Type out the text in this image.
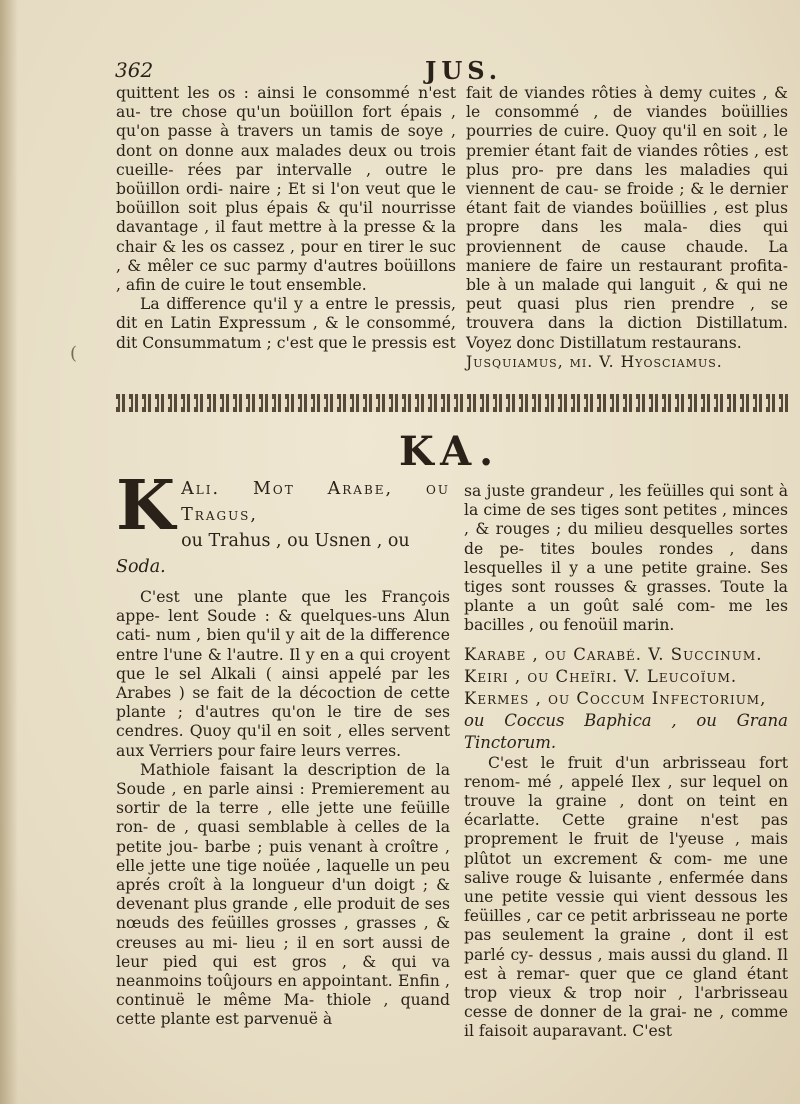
362	JUS.
(

quittent les os : ainsi le consommé n'est au- tre chose qu'un boüillon fort épais , qu'on passe à travers un tamis de soye , dont on donne aux malades deux ou trois cueille- rées par intervalle , outre le boüillon ordi- naire ; Et si l'on veut que le boüillon soit plus épais & qu'il nourrisse davantage , il faut mettre à la presse & la chair & les os cassez , pour en tirer le suc , & mêler ce suc parmy d'autres boüillons , afin de cuire le tout ensemble.

La difference qu'il y a entre le pressis, dit en Latin Expressum , & le consommé, dit Consummatum ; c'est que le pressis est

fait de viandes rôties à demy cuites , & le consommé , de viandes boüillies pourries de cuire. Quoy qu'il en soit , le premier étant fait de viandes rôties , est plus pro- pre dans les maladies qui viennent de cau- se froide ; & le dernier étant fait de viandes boüillies , est plus propre dans les mala- dies qui proviennent de cause chaude. La maniere de faire un restaurant profita- ble à un malade qui languit , & qui ne peut quasi plus rien prendre , se trouvera dans la diction Distillatum. Voyez donc Distillatum restaurans.

Jusquiamus, mi. V. Hyosciamus.

KA.
K Ali. Mot Arabe, ou Tragus,
ou Trahus , ou Usnen , ou
Soda.

C'est une plante que les François appe- lent Soude : & quelques-uns Alun cati- num , bien qu'il y ait de la difference entre l'une & l'autre. Il y en a qui croyent que le sel Alkali ( ainsi appelé par les Arabes ) se fait de la décoction de cette plante ; d'autres qu'on le tire de ses cendres. Quoy qu'il en soit , elles servent aux Verriers pour faire leurs verres.

Mathiole faisant la description de la Soude , en parle ainsi : Premierement au sortir de la terre , elle jette une feüille ron- de , quasi semblable à celles de la petite jou- barbe ; puis venant à croître , elle jette une tige noüée , laquelle un peu aprés croît à la longueur d'un doigt ; & devenant plus grande , elle produit de ses nœuds des feüilles grosses , grasses , & creuses au mi- lieu ; il en sort aussi de leur pied qui est gros , & qui va neanmoins toûjours en appointant. Enfin , continuë le même Ma- thiole , quand cette plante est parvenuë à

sa juste grandeur , les feüilles qui sont à la cime de ses tiges sont petites , minces , & rouges ; du milieu desquelles sortes de pe- tites boules rondes , dans lesquelles il y a une petite graine. Ses tiges sont rousses & grasses. Toute la plante a un goût salé com- me les bacilles , ou fenoüil marin.

Karabe , ou Carabé. V. Succinum.

Keiri , ou Cheïri. V. Leucoïum.

Kermes , ou Coccum Infectorium,

ou Coccus Baphica , ou Grana Tinctorum.

C'est le fruit d'un arbrisseau fort renom- mé , appelé Ilex , sur lequel on trouve la graine , dont on teint en écarlatte. Cette graine n'est pas proprement le fruit de l'yeuse , mais plûtot un excrement & com- me une salive rouge & luisante , enfermée dans une petite vessie qui vient dessous les feüilles , car ce petit arbrisseau ne porte pas seulement la graine , dont il est parlé cy- dessus , mais aussi du gland. Il est à remar- quer que ce gland étant trop vieux & trop noir , l'arbrisseau cesse de donner de la grai- ne , comme il faisoit auparavant. C'est
